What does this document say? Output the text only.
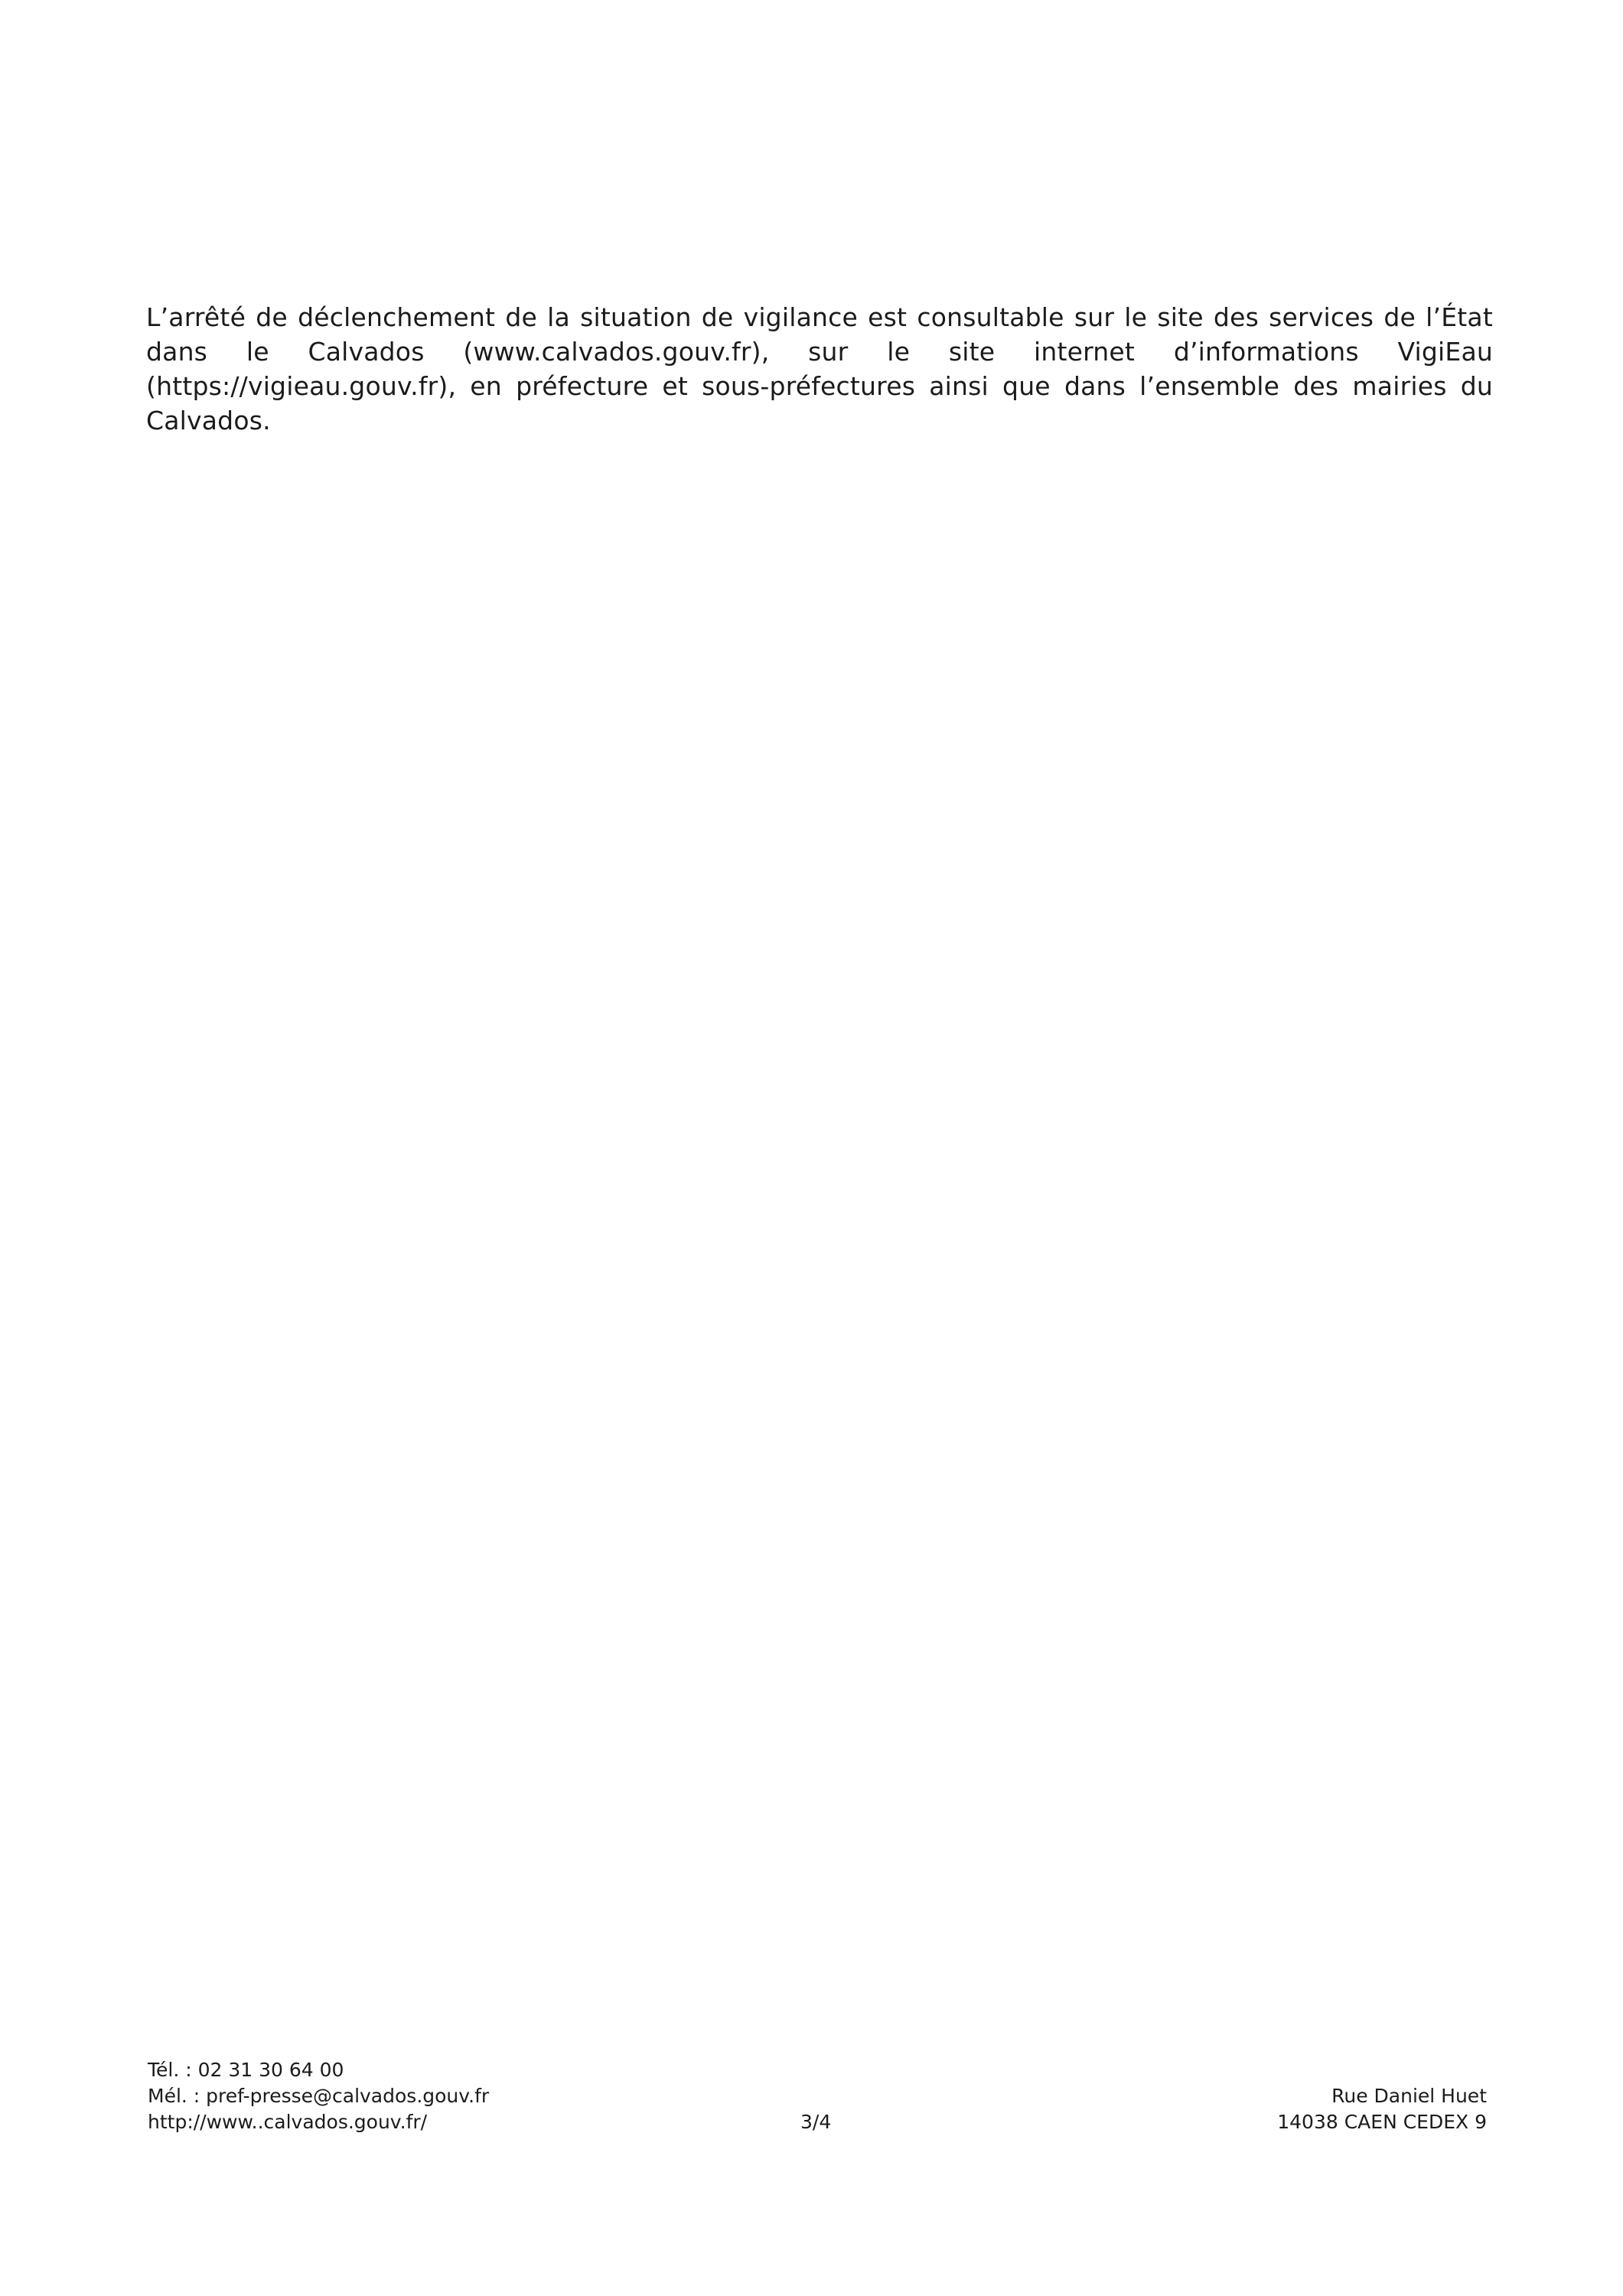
L’arrêté de déclenchement de la situation de vigilance est consultable sur le site des services de l’État dans le Calvados (www.calvados.gouv.fr), sur le site internet d’informations VigiEau (https://vigieau.gouv.fr), en préfecture et sous-préfectures ainsi que dans l’ensemble des mairies du Calvados.

Tél. : 02 31 30 64 00
Mél. : pref-presse@calvados.gouv.fr
http://www..calvados.gouv.fr/	3/4
Rue Daniel Huet
14038 CAEN CEDEX 9
